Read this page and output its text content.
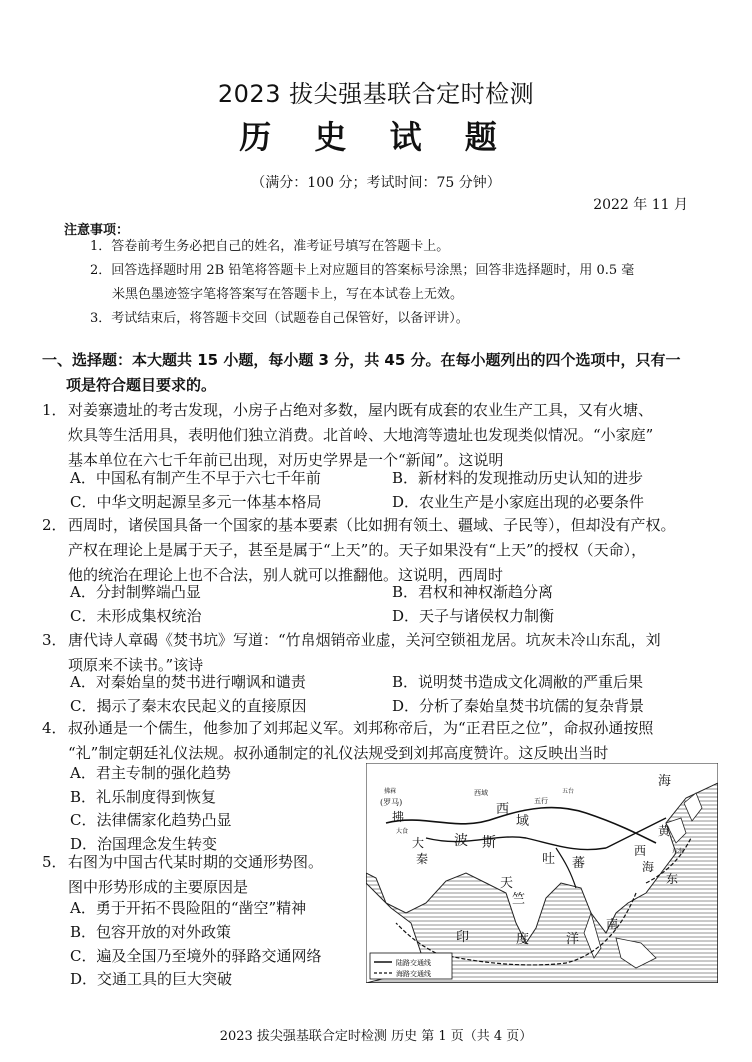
2023 拔尖强基联合定时检测
历 史 试 题
（满分：100 分；考试时间：75 分钟）
2022 年 11 月
注意事项：
1．答卷前考生务必把自己的姓名，准考证号填写在答题卡上。
2．回答选择题时用 2B 铅笔将答题卡上对应题目的答案标号涂黑；回答非选择题时，用 0.5 毫
米黑色墨迹签字笔将答案写在答题卡上，写在本试卷上无效。
3．考试结束后，将答题卡交回（试题卷自己保管好，以备评讲）。
一、选择题：本大题共 15 小题，每小题 3 分，共 45 分。在每小题列出的四个选项中，只有一
项是符合题目要求的。
1．对姜寨遗址的考古发现，小房子占绝对多数，屋内既有成套的农业生产工具，又有火塘、
炊具等生活用具，表明他们独立消费。北首岭、大地湾等遗址也发现类似情况。“小家庭”
基本单位在六七千年前已出现，对历史学界是一个“新闻”。这说明
A．中国私有制产生不早于六七千年前	B．新材料的发现推动历史认知的进步
C．中华文明起源呈多元一体基本格局	D．农业生产是小家庭出现的必要条件
2．西周时，诸侯国具备一个国家的基本要素（比如拥有领土、疆域、子民等），但却没有产权。
产权在理论上是属于天子，甚至是属于“上天”的。天子如果没有“上天”的授权（天命），
他的统治在理论上也不合法，别人就可以推翻他。这说明，西周时
A．分封制弊端凸显	B．君权和神权渐趋分离
C．未形成集权统治	D．天子与诸侯权力制衡
3．唐代诗人章碣《焚书坑》写道：“竹帛烟销帝业虚，关河空锁祖龙居。坑灰未冷山东乱，刘
项原来不读书。”该诗
A．对秦始皇的焚书进行嘲讽和谴责	B．说明焚书造成文化凋敝的严重后果
C．揭示了秦末农民起义的直接原因	D．分析了秦始皇焚书坑儒的复杂背景
4．叔孙通是一个儒生，他参加了刘邦起义军。刘邦称帝后，为“正君臣之位”，命叔孙通按照
“礼”制定朝廷礼仪法规。叔孙通制定的礼仪法规受到刘邦高度赞许。这反映出当时
A．君主专制的强化趋势
B．礼乐制度得到恢复
C．法律儒家化趋势凸显
D．治国理念发生转变
5．右图为中国古代某时期的交通形势图。
图中形势形成的主要原因是
A．勇于开拓不畏险阻的“凿空”精神
B．包容开放的对外政策
C．遍及全国乃至境外的驿路交通网络
D．交通工具的巨大突破
(罗马)
拂
大
秦
波 斯
西
域
吐 蕃
天
竺
印	度	洋
海
黄
东
南
西域
五行
西
海
拂菻
大食
东海
五台
陆路交通线
海路交通线
2023 拔尖强基联合定时检测 历史 第 1 页（共 4 页）
